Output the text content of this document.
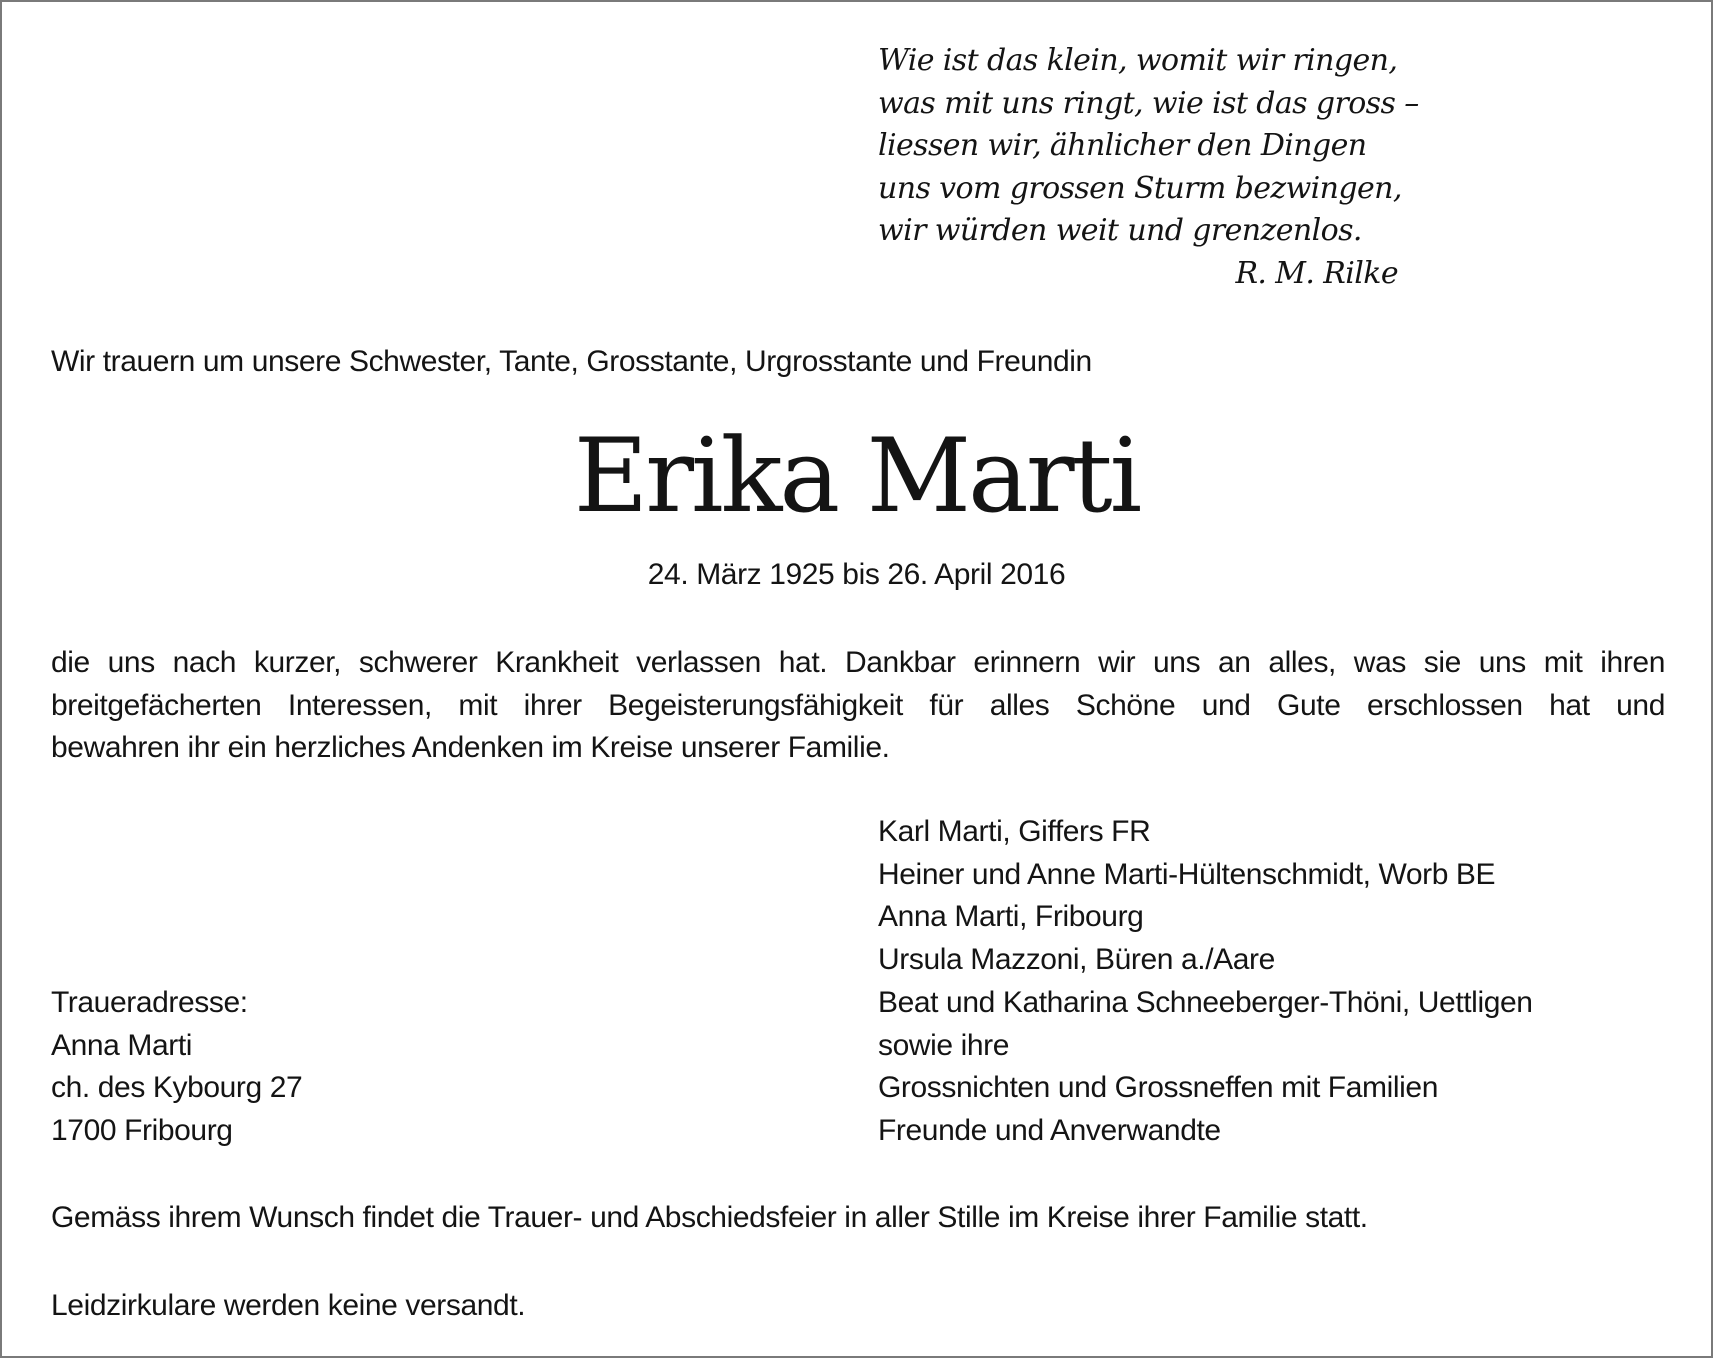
Wie ist das klein, womit wir ringen,
was mit uns ringt, wie ist das gross –
liessen wir, ähnlicher den Dingen
uns vom grossen Sturm bezwingen,
wir würden weit und grenzenlos.
R. M. Rilke
Wir trauern um unsere Schwester, Tante, Grosstante, Urgrosstante und Freundin
Erika Marti
24. März 1925 bis 26. April 2016
die uns nach kurzer, schwerer Krankheit verlassen hat. Dankbar erinnern wir uns an alles, was sie uns mit ihren
breitgefächerten Interessen, mit ihrer Begeisterungsfähigkeit für alles Schöne und Gute erschlossen hat und
bewahren ihr ein herzliches Andenken im Kreise unserer Familie.
Karl Marti, Giffers FR
Heiner und Anne Marti-Hültenschmidt, Worb BE
Anna Marti, Fribourg
Ursula Mazzoni, Büren a./Aare
Beat und Katharina Schneeberger-Thöni, Uettligen
sowie ihre
Grossnichten und Grossneffen mit Familien
Freunde und Anverwandte
Traueradresse:
Anna Marti
ch. des Kybourg 27
1700 Fribourg
Gemäss ihrem Wunsch findet die Trauer- und Abschiedsfeier in aller Stille im Kreise ihrer Familie statt.
Leidzirkulare werden keine versandt.
